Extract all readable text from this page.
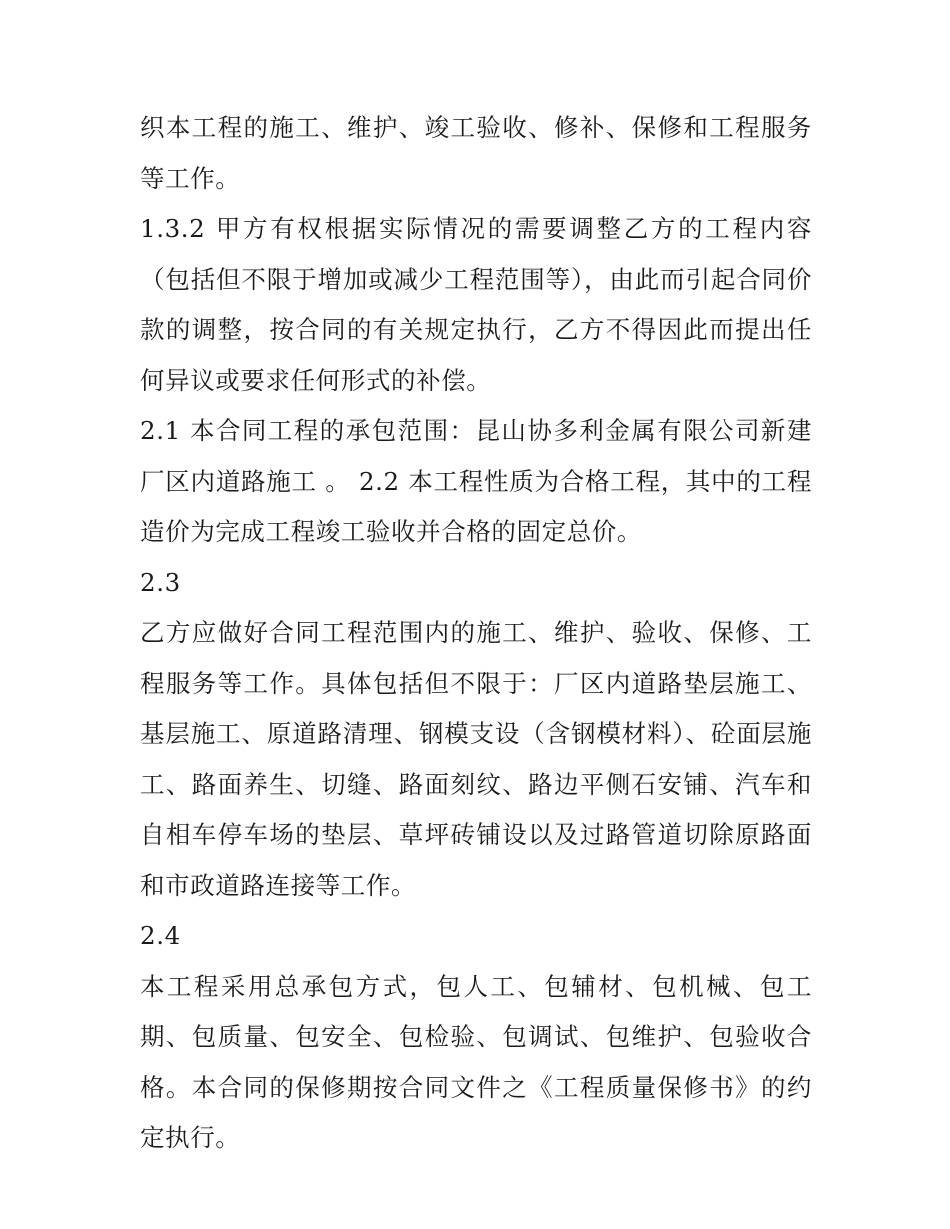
织本工程的施工、维护、竣工验收、修补、保修和工程服务等工作。

1.3.2 甲方有权根据实际情况的需要调整乙方的工程内容（包括但不限于增加或减少工程范围等），由此而引起合同价款的调整，按合同的有关规定执行，乙方不得因此而提出任何异议或要求任何形式的补偿。

2.1 本合同工程的承包范围：昆山协多利金属有限公司新建厂区内道路施工 。 2.2 本工程性质为合格工程，其中的工程造价为完成工程竣工验收并合格的固定总价。

2.3

乙方应做好合同工程范围内的施工、维护、验收、保修、工程服务等工作。具体包括但不限于：厂区内道路垫层施工、基层施工、原道路清理、钢模支设（含钢模材料）、砼面层施工、路面养生、切缝、路面刻纹、路边平侧石安铺、汽车和自相车停车场的垫层、草坪砖铺设以及过路管道切除原路面和市政道路连接等工作。

2.4

本工程采用总承包方式，包人工、包辅材、包机械、包工期、包质量、包安全、包检验、包调试、包维护、包验收合格。本合同的保修期按合同文件之《工程质量保修书》的约定执行。
